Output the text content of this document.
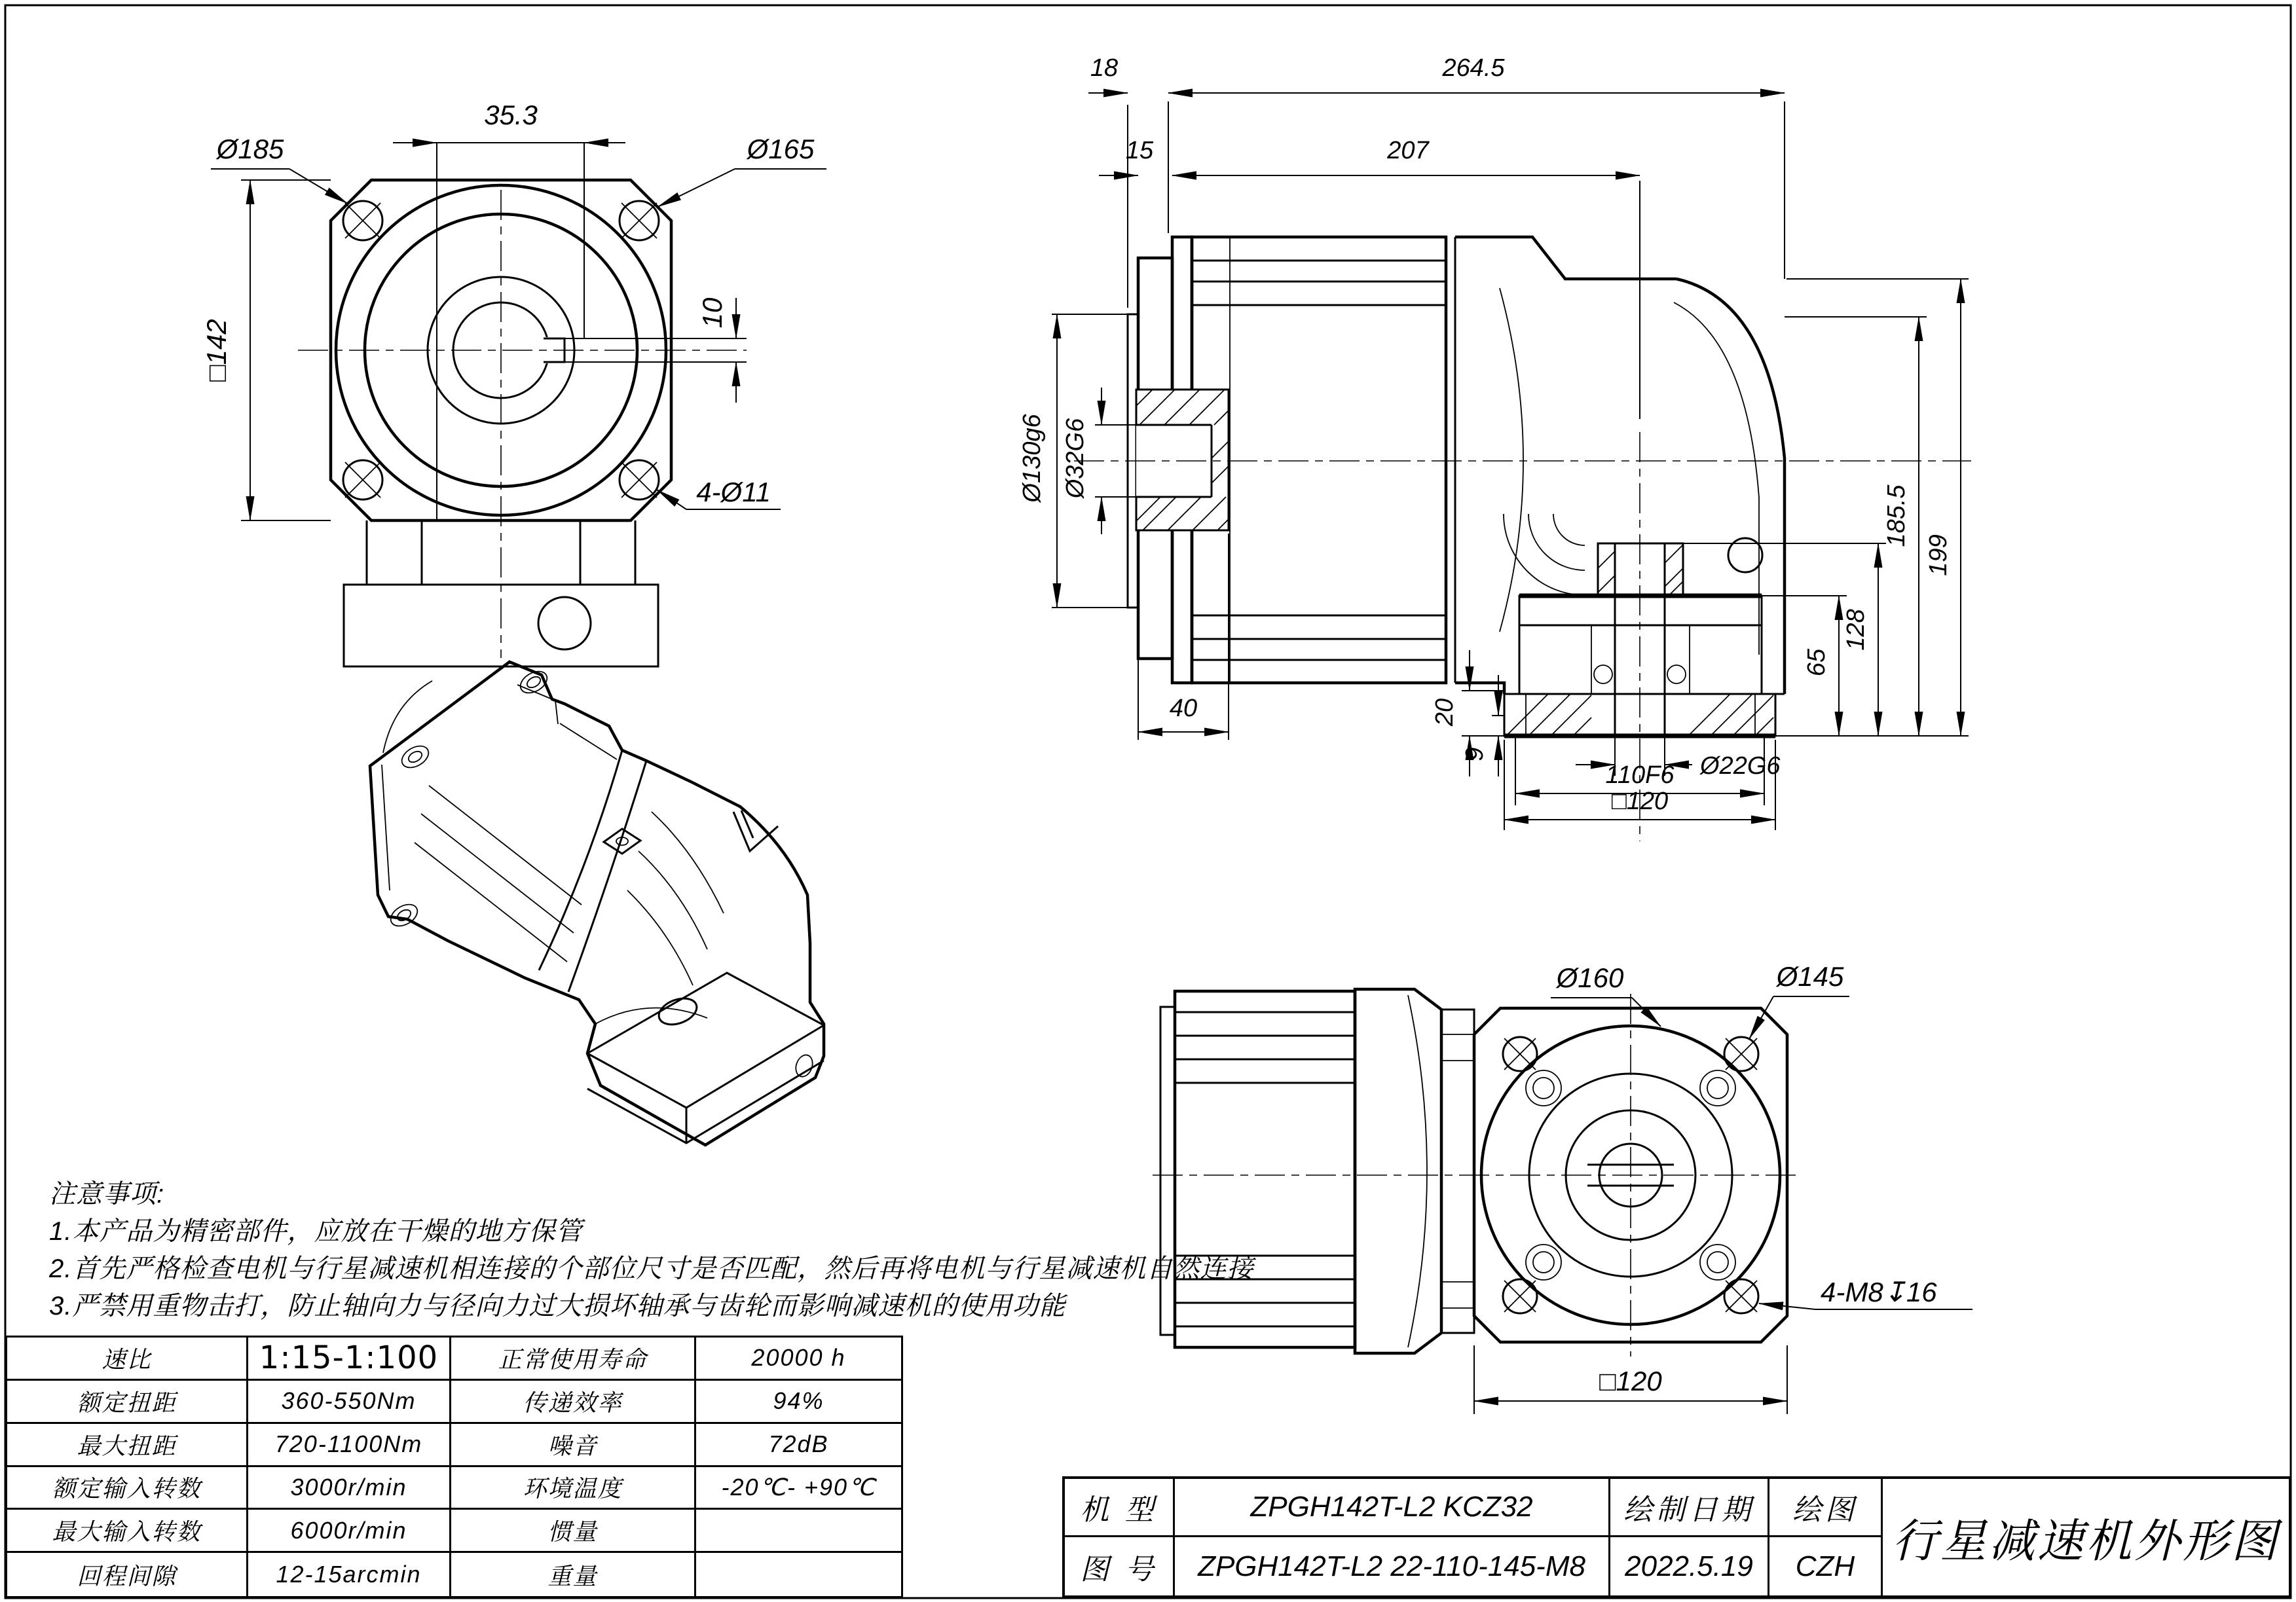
35.3
Ø185	Ø165
□142
10
4-Ø11
18	264.5
15	207
Ø130g6 Ø32G6
40
65
128
185.5
199
20
9	Ø22G6
110F6
□120
Ø160	Ø145
4-M8↧16
□120
注意事项:
1.本产品为精密部件，应放在干燥的地方保管
2.首先严格检查电机与行星减速机相连接的个部位尺寸是否匹配，然后再将电机与行星减速机自然连接
3.严禁用重物击打，防止轴向力与径向力过大损坏轴承与齿轮而影响减速机的使用功能
速比	1:15-1:100	正常使用寿命	20000 h
额定扭距	360-550Nm	传递效率	94%
最大扭距	720-1100Nm	噪音	72dB
额定输入转数	3000r/min	环境温度	-20℃- +90℃
最大输入转数	6000r/min	惯量
回程间隙	12-15arcmin	重量
机 型	ZPGH142T-L2 KCZ32	绘制日期	绘图
行星减速机外形图
图 号	ZPGH142T-L2 22-110-145-M8	2022.5.19	CZH
